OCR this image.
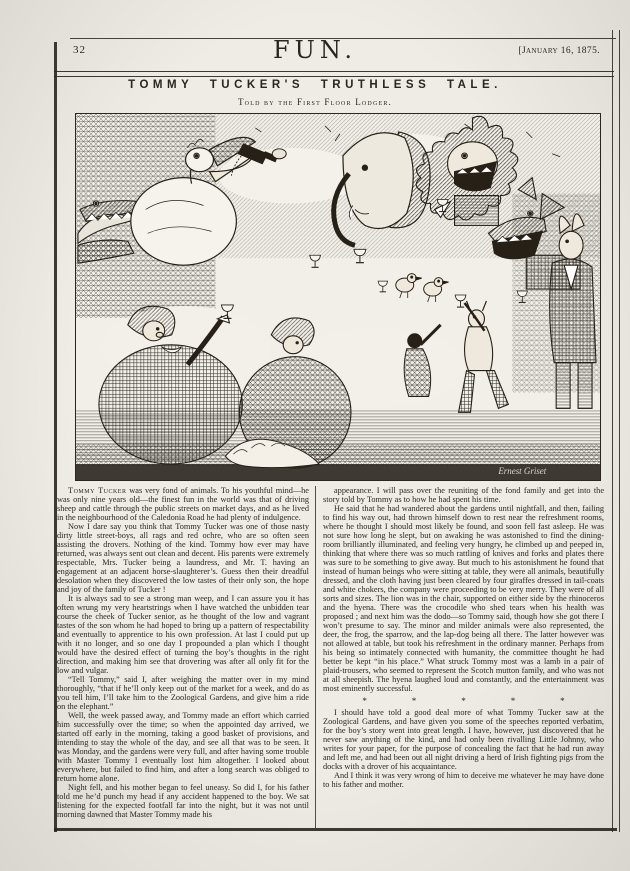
32	FUN.	[January 16, 1875.
TOMMY TUCKER'S TRUTHLESS TALE.
Told by the First Floor Lodger.
Ernest Griset

Tommy Tucker was very fond of animals. To his youthful mind—he was only nine years old—the finest fun in the world was that of driving sheep and cattle through the public streets on market days, and as he lived in the neighbourhood of the Caledonia Road he had plenty of indulgence.

Now I dare say you think that Tommy Tucker was one of those nasty dirty little street-boys, all rags and red ochre, who are so often seen assisting the drovers. Nothing of the kind. Tommy how ever may have returned, was always sent out clean and decent. His parents were extremely respectable, Mrs. Tucker being a laundress, and Mr. T. having an engagement at an adjacent horse-slaughterer’s. Guess then their dreadful desolation when they discovered the low tastes of their only son, the hope and joy of the family of Tucker !

It is always sad to see a strong man weep, and I can assure you it has often wrung my very heartstrings when I have watched the unbidden tear course the cheek of Tucker senior, as he thought of the low and vagrant tastes of the son whom he had hoped to bring up a pattern of respectability and eventually to apprentice to his own profession. At last I could put up with it no longer, and so one day I propounded a plan which I thought would have the desired effect of turning the boy’s thoughts in the right direction, and making him see that drovering was after all only fit for the low and vulgar.

“Tell Tommy,” said I, after weighing the matter over in my mind thoroughly, “that if he’ll only keep out of the market for a week, and do as you tell him, I’ll take him to the Zoological Gardens, and give him a ride on the elephant.”

Well, the week passed away, and Tommy made an effort which carried him successfully over the time; so when the appointed day arrived, we started off early in the morning, taking a good basket of provisions, and intending to stay the whole of the day, and see all that was to be seen. It was Monday, and the gardens were very full, and after having some trouble with Master Tommy I eventually lost him altogether. I looked about everywhere, but failed to find him, and after a long search was obliged to return home alone.

Night fell, and his mother began to feel uneasy. So did I, for his father told me he’d punch my head if any accident happened to the boy. We sat listening for the expected footfall far into the night, but it was not until morning dawned that Master Tommy made his

appearance. I will pass over the reuniting of the fond family and get into the story told by Tommy as to how he had spent his time.

He said that he had wandered about the gardens until nightfall, and then, failing to find his way out, had thrown himself down to rest near the refreshment rooms, where he thought I should most likely be found, and soon fell fast asleep. He was not sure how long he slept, but on awaking he was astonished to find the dining-room brilliantly illuminated, and feeling very hungry, he climbed up and peeped in, thinking that where there was so much rattling of knives and forks and plates there was sure to be something to give away. But much to his astonishment he found that instead of human beings who were sitting at table, they were all animals, beautifully dressed, and the cloth having just been cleared by four giraffes dressed in tail-coats and white chokers, the company were proceeding to be very merry. They were of all sorts and sizes. The lion was in the chair, supported on either side by the rhinoceros and the hyena. There was the crocodile who shed tears when his health was proposed ; and next him was the dodo—so Tommy said, though how she got there I won’t presume to say. The minor and milder animals were also represented, the deer, the frog, the sparrow, and the lap-dog being all there. The latter however was not allowed at table, but took his refreshment in the ordinary manner. Perhaps from his being so intimately connected with humanity, the committee thought he had better be kept “in his place.” What struck Tommy most was a lamb in a pair of plaid-trousers, who seemed to represent the Scotch mutton family, and who was not at all sheepish. The hyena laughed loud and constantly, and the entertainment was most eminently successful.

*	*	*	*	*

I should have told a good deal more of what Tommy Tucker saw at the Zoological Gardens, and have given you some of the speeches reported verbatim, for the boy’s story went into great length. I have, however, just discovered that he never saw anything of the kind, and had only been rivalling Little Johnny, who writes for your paper, for the purpose of concealing the fact that he had run away and left me, and had been out all night driving a herd of Irish fighting pigs from the docks with a drover of his acquaintance.

And I think it was very wrong of him to deceive me whatever he may have done to his father and mother.
